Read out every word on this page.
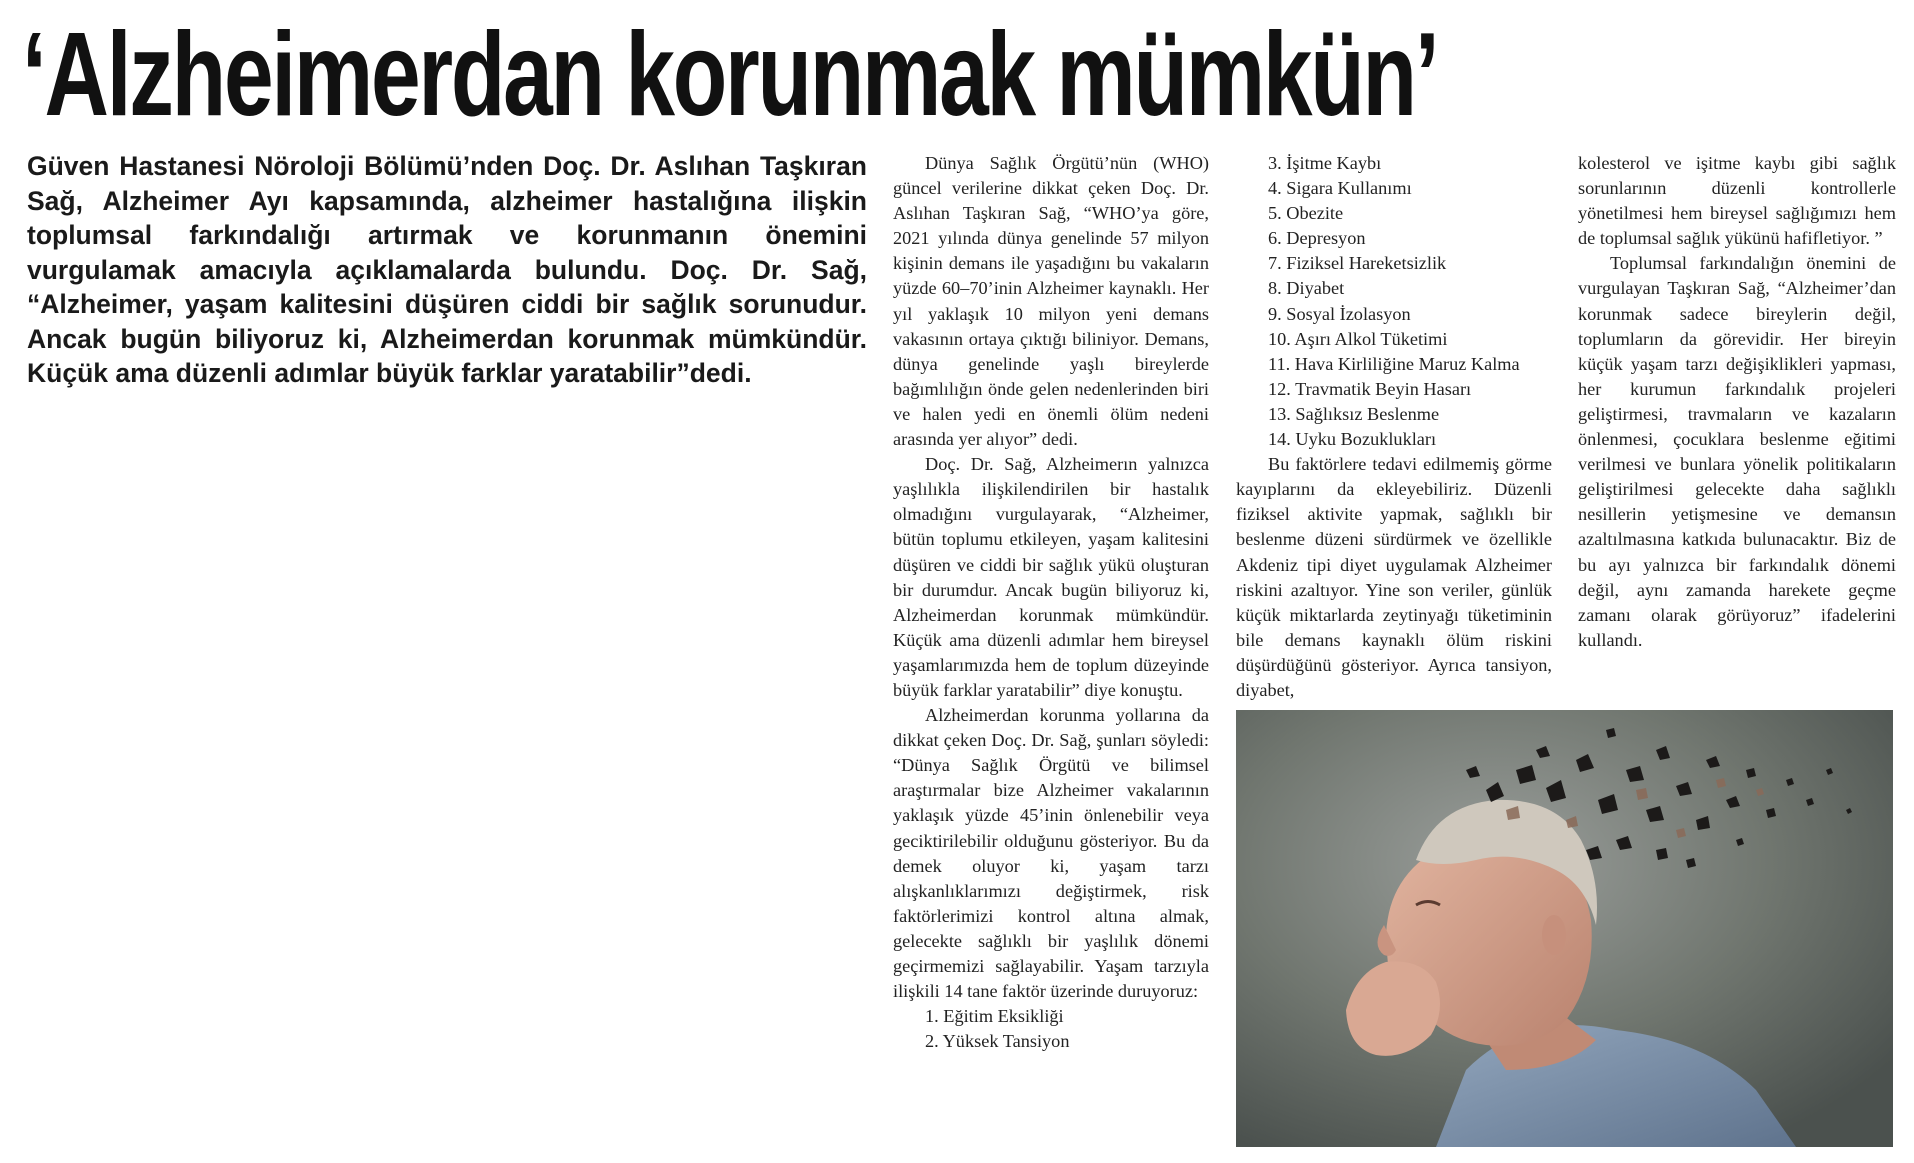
‘Alzheimerdan korunmak mümkün’

Güven Hastanesi Nöroloji Bölümü’nden Doç. Dr. Aslıhan Taşkıran Sağ, Alzheimer Ayı kapsamında, alzheimer hastalığına ilişkin toplumsal farkındalığı artırmak ve korunmanın önemini vurgulamak amacıyla açıklamalarda bulundu. Doç. Dr. Sağ, “Alzheimer, yaşam kalitesini düşüren ciddi bir sağlık sorunudur. Ancak bugün biliyoruz ki, Alzheimerdan korunmak mümkündür. Küçük ama düzenli adımlar büyük farklar yaratabilir”dedi.

Dünya Sağlık Örgütü’nün (WHO) güncel verilerine dikkat çeken Doç. Dr. Aslıhan Taşkıran Sağ, “WHO’ya göre, 2021 yılında dünya genelinde 57 milyon kişinin demans ile yaşadığını bu vakaların yüzde 60–70’inin Alzheimer kaynaklı. Her yıl yaklaşık 10 milyon yeni demans vakasının ortaya çıktığı biliniyor. Demans, dünya genelinde yaşlı bireylerde bağımlılığın önde gelen nedenlerinden biri ve halen yedi en önemli ölüm nedeni arasında yer alıyor” dedi.

Doç. Dr. Sağ, Alzheimerın yalnızca yaşlılıkla ilişkilendirilen bir hastalık olmadığını vurgulayarak, “Alzheimer, bütün toplumu etkileyen, yaşam kalitesini düşüren ve ciddi bir sağlık yükü oluşturan bir durumdur. Ancak bugün biliyoruz ki, Alzheimerdan korunmak mümkündür. Küçük ama düzenli adımlar hem bireysel yaşamlarımızda hem de toplum düzeyinde büyük farklar yaratabilir” diye konuştu.

Alzheimerdan korunma yollarına da dikkat çeken Doç. Dr. Sağ, şunları söyledi: “Dünya Sağlık Örgütü ve bilimsel araştırmalar bize Alzheimer vakalarının yaklaşık yüzde 45’inin önlenebilir veya geciktirilebilir olduğunu gösteriyor. Bu da demek oluyor ki, yaşam tarzı alışkanlıklarımızı değiştirmek, risk faktörlerimizi kontrol altına almak, gelecekte sağlıklı bir yaşlılık dönemi geçirmemizi sağlayabilir. Yaşam tarzıyla ilişkili 14 tane faktör üzerinde duruyoruz:

1. Eğitim Eksikliği

2. Yüksek Tansiyon

3. İşitme Kaybı

4. Sigara Kullanımı

5. Obezite

6. Depresyon

7. Fiziksel Hareketsizlik

8. Diyabet

9. Sosyal İzolasyon

10. Aşırı Alkol Tüketimi

11. Hava Kirliliğine Maruz Kalma

12. Travmatik Beyin Hasarı

13. Sağlıksız Beslenme

14. Uyku Bozuklukları

Bu faktörlere tedavi edilmemiş görme kayıplarını da ekleyebiliriz. Düzenli fiziksel aktivite yapmak, sağlıklı bir beslenme düzeni sürdürmek ve özellikle Akdeniz tipi diyet uygulamak Alzheimer riskini azaltıyor. Yine son veriler, günlük küçük miktarlarda zeytinyağı tüketiminin bile demans kaynaklı ölüm riskini düşürdüğünü gösteriyor. Ayrıca tansiyon, diyabet,

kolesterol ve işitme kaybı gibi sağlık sorunlarının düzenli kontrollerle yönetilmesi hem bireysel sağlığımızı hem de toplumsal sağlık yükünü hafifletiyor. ”

Toplumsal farkındalığın önemini de vurgulayan Taşkıran Sağ, “Alzheimer’dan korunmak sadece bireylerin değil, toplumların da görevidir. Her bireyin küçük yaşam tarzı değişiklikleri yapması, her kurumun farkındalık projeleri geliştirmesi, travmaların ve kazaların önlenmesi, çocuklara beslenme eğitimi verilmesi ve bunlara yönelik politikaların geliştirilmesi gelecekte daha sağlıklı nesillerin yetişmesine ve demansın azaltılmasına katkıda bulunacaktır. Biz de bu ayı yalnızca bir farkındalık dönemi değil, aynı zamanda harekete geçme zamanı olarak görüyoruz” ifadelerini kullandı.
